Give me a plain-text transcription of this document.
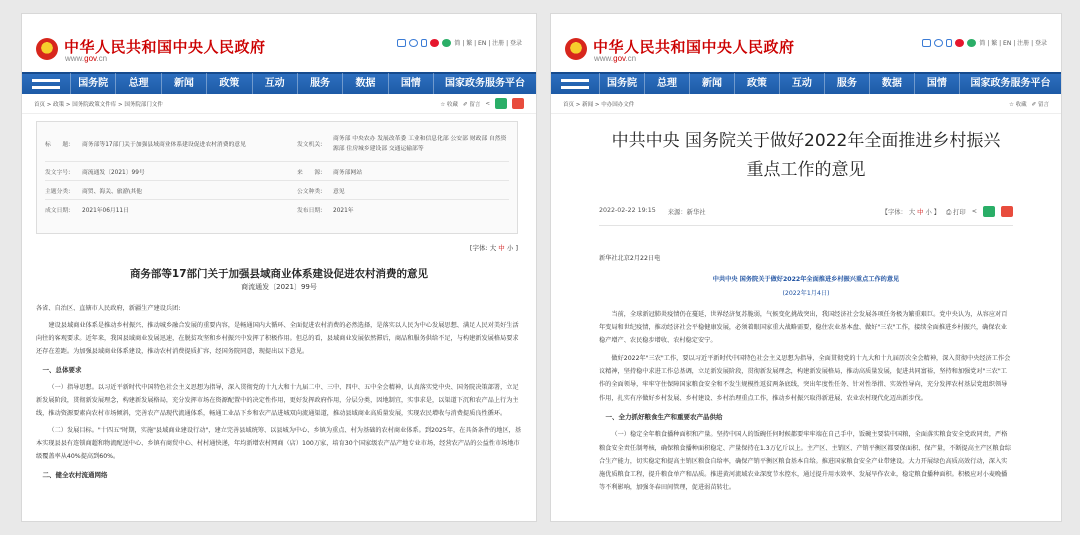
中华人民共和国中央人民政府
www.gov.cn
简 | 繁 | EN | 注册 | 登录
国务院	总理	新闻	政策	互动	服务	数据	国情	国家政务服务平台
首页 > 政策 > 国务院政策文件库 > 国务院部门文件	☆ 收藏 ✐ 留言 <
标　　题:	商务部等17部门关于加强县域商业体系建设促进农村消费的意见	发文机关:
商务部 中央农办 发展改革委 工业和信息化部 公安部 财政部 自然资源部 住房城乡建设部 交通运输部等
发文字号:	商流通发〔2021〕99号	来　　源:	商务部网站
主题分类:	商贸、海关、旅游\其他	公文种类:	意见
成文日期:	2021年06月11日	发布日期:	2021年
[字体: 大 中 小 ]
商务部等17部门关于加强县域商业体系建设促进农村消费的意见
商流通发〔2021〕99号

各省、自治区、直辖市人民政府，新疆生产建设兵团:

建设县域商业体系是推动乡村振兴、推动城乡融合发展的重要内容，是畅通国内大循环、全面促进农村消费的必然选择，是落实以人民为中心发展思想、满足人民对美好生活向往的客观要求。近年来，我国县域商业发展迅速，在脱贫攻坚和乡村振兴中发挥了积极作用。但总的看，县域商业发展依然滞后，商品和服务供给不足，与构建新发展格局要求还存在差距。为加强县域商业体系建设，推动农村消费提质扩容，经国务院同意，现提出以下意见。

一、总体要求

（一）指导思想。以习近平新时代中国特色社会主义思想为指导，深入贯彻党的十九大和十九届二中、三中、四中、五中全会精神，认真落实党中央、国务院决策部署，立足新发展阶段，贯彻新发展理念，构建新发展格局，充分发挥市场在资源配置中的决定性作用，更好发挥政府作用，分层分类，因地制宜，实事求是，以渠道下沉和农产品上行为主线，推动资源要素向农村市场倾斜，完善农产品现代流通体系，畅通工业品下乡和农产品进城双向流通渠道，推动县域商业高质量发展，实现农民增收与消费提质良性循环。

（二）发展目标。"十四五"时期，实施"县域商业建设行动"，建立完善县域统筹、以县城为中心、乡镇为重点、村为基础的农村商业体系。到2025年，在具备条件的地区，基本实现县县有连锁商超和物流配送中心、乡镇有商贸中心、村村通快递，年均新增农村网商（店）100万家，培育30个国家级农产品产地专业市场，经营农产品的公益性市场地市级覆盖率从40%提高到60%。

二、健全农村流通网络
中华人民共和国中央人民政府
www.gov.cn
简 | 繁 | EN | 注册 | 登录
国务院	总理	新闻	政策	互动	服务	数据	国情	国家政务服务平台
首页 > 新闻 > 中办国办文件	☆ 收藏 ✐ 留言
中共中央 国务院关于做好2022年全面推进乡村振兴
重点工作的意见
2022-02-22 19:15 来源：新华社	【字体： 大 中 小 】 ⎙ 打印 <

新华社北京2月22日电

中共中央 国务院关于做好2022年全面推进乡村振兴重点工作的意见

(2022年1月4日)

当前，全球新冠肺炎疫情仍在蔓延，世界经济复苏脆弱，气候变化挑战突出，我国经济社会发展各项任务极为繁重艰巨。党中央认为，从容应对百年变局和世纪疫情，推动经济社会平稳健康发展，必须着眼国家重大战略需要，稳住农业基本盘、做好"三农"工作，接续全面推进乡村振兴，确保农业稳产增产、农民稳步增收、农村稳定安宁。

做好2022年"三农"工作，要以习近平新时代中国特色社会主义思想为指导，全面贯彻党的十九大和十九届历次全会精神，深入贯彻中央经济工作会议精神，坚持稳中求进工作总基调，立足新发展阶段，贯彻新发展理念，构建新发展格局，推动高质量发展，促进共同富裕，坚持和加强党对"三农"工作的全面领导，牢牢守住保障国家粮食安全和不发生规模性返贫两条底线，突出年度性任务、针对性举措、实效性导向，充分发挥农村基层党组织领导作用，扎实有序做好乡村发展、乡村建设、乡村治理重点工作，推动乡村振兴取得新进展、农业农村现代化迈出新步伐。

一、全力抓好粮食生产和重要农产品供给

（一）稳定全年粮食播种面积和产量。坚持中国人的饭碗任何时候都要牢牢端在自己手中，饭碗主要装中国粮，全面落实粮食安全党政同责，严格粮食安全责任制考核，确保粮食播种面积稳定、产量保持在1.3万亿斤以上。主产区、主销区、产销平衡区都要保面积、保产量，不断提高主产区粮食综合生产能力，切实稳定和提高主销区粮食自给率，确保产销平衡区粮食基本自给。推进国家粮食安全产业带建设。大力开展绿色高质高效行动，深入实施优质粮食工程，提升粮食单产和品质。推进黄河流域农业深度节水控水，通过提升用水效率、发展旱作农业，稳定粮食播种面积。积极应对小麦晚播等不利影响，加强冬春田间管理，促进弱苗转壮。
